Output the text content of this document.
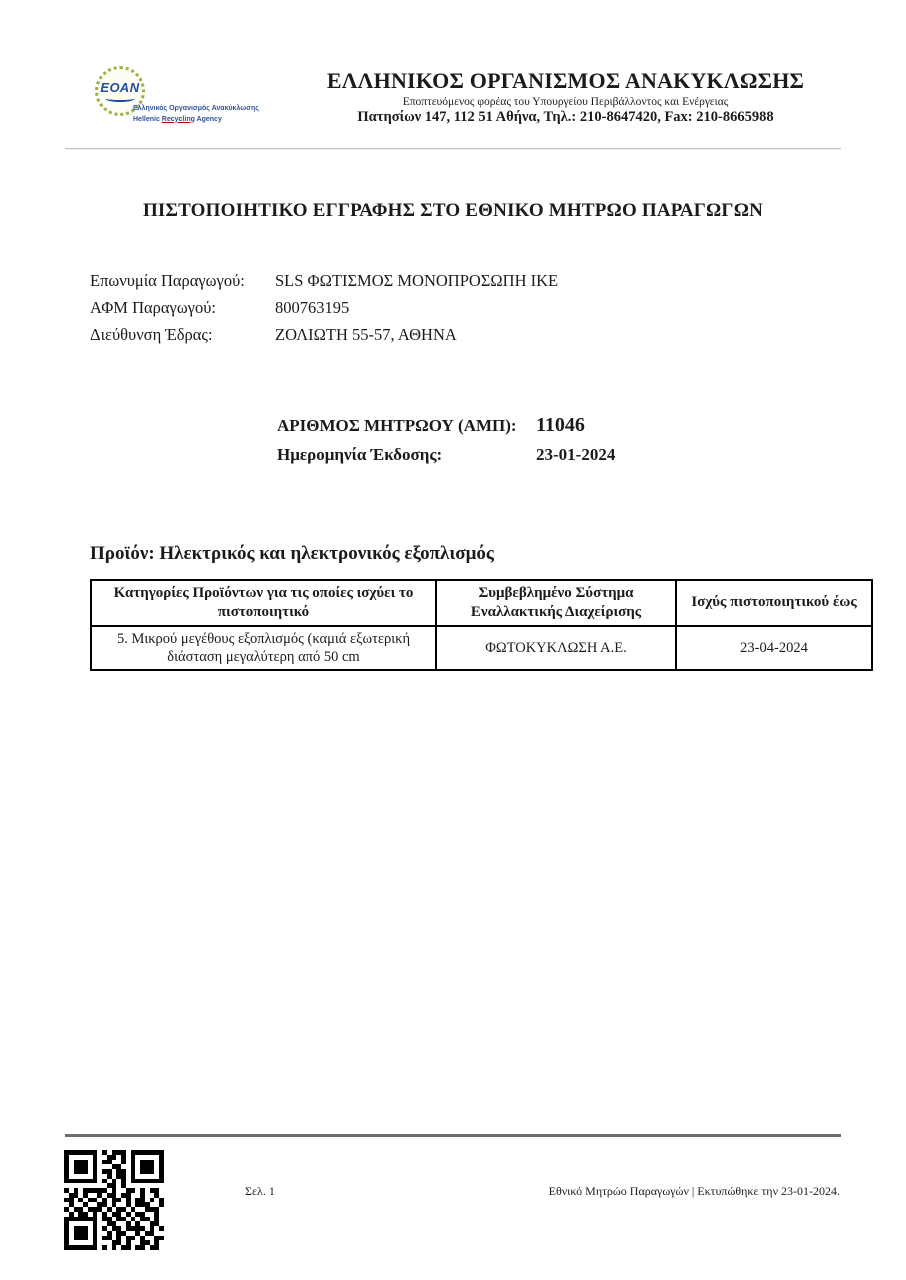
ΕΟΑΝ
Ελληνικός Οργανισμός Ανακύκλωσης
Hellenic Recycling Agency
ΕΛΛΗΝΙΚΟΣ ΟΡΓΑΝΙΣΜΟΣ ΑΝΑΚΥΚΛΩΣΗΣ
Εποπτευόμενος φορέας του Υπουργείου Περιβάλλοντος και Ενέργειας
Πατησίων 147, 112 51 Αθήνα, Τηλ.: 210-8647420, Fax: 210-8665988
ΠΙΣΤΟΠΟΙΗΤΙΚΟ ΕΓΓΡΑΦΗΣ ΣΤΟ ΕΘΝΙΚΟ ΜΗΤΡΩΟ ΠΑΡΑΓΩΓΩΝ
Επωνυμία Παραγωγού:	SLS ΦΩΤΙΣΜΟΣ ΜΟΝΟΠΡΟΣΩΠΗ ΙΚΕ
ΑΦΜ Παραγωγού:	800763195
Διεύθυνση Έδρας:	ΖΟΛΙΩΤΗ 55-57, ΑΘΗΝΑ
ΑΡΙΘΜΟΣ ΜΗΤΡΩΟΥ (ΑΜΠ): 11046
Ημερομηνία Έκδοσης:	23-01-2024
Προϊόν: Ηλεκτρικός και ηλεκτρονικός εξοπλισμός
Κατηγορίες Προϊόντων για τις οποίες ισχύει το πιστοποιητικό	Συμβεβλημένο Σύστημα Εναλλακτικής Διαχείρισης	Ισχύς πιστοποιητικού έως
5. Μικρού μεγέθους εξοπλισμός (καμιά εξωτερική διάσταση μεγαλύτερη από 50 cm	ΦΩΤΟΚΥΚΛΩΣΗ Α.Ε.	23-04-2024
Σελ. 1	Εθνικό Μητρώο Παραγωγών | Εκτυπώθηκε την 23-01-2024.
